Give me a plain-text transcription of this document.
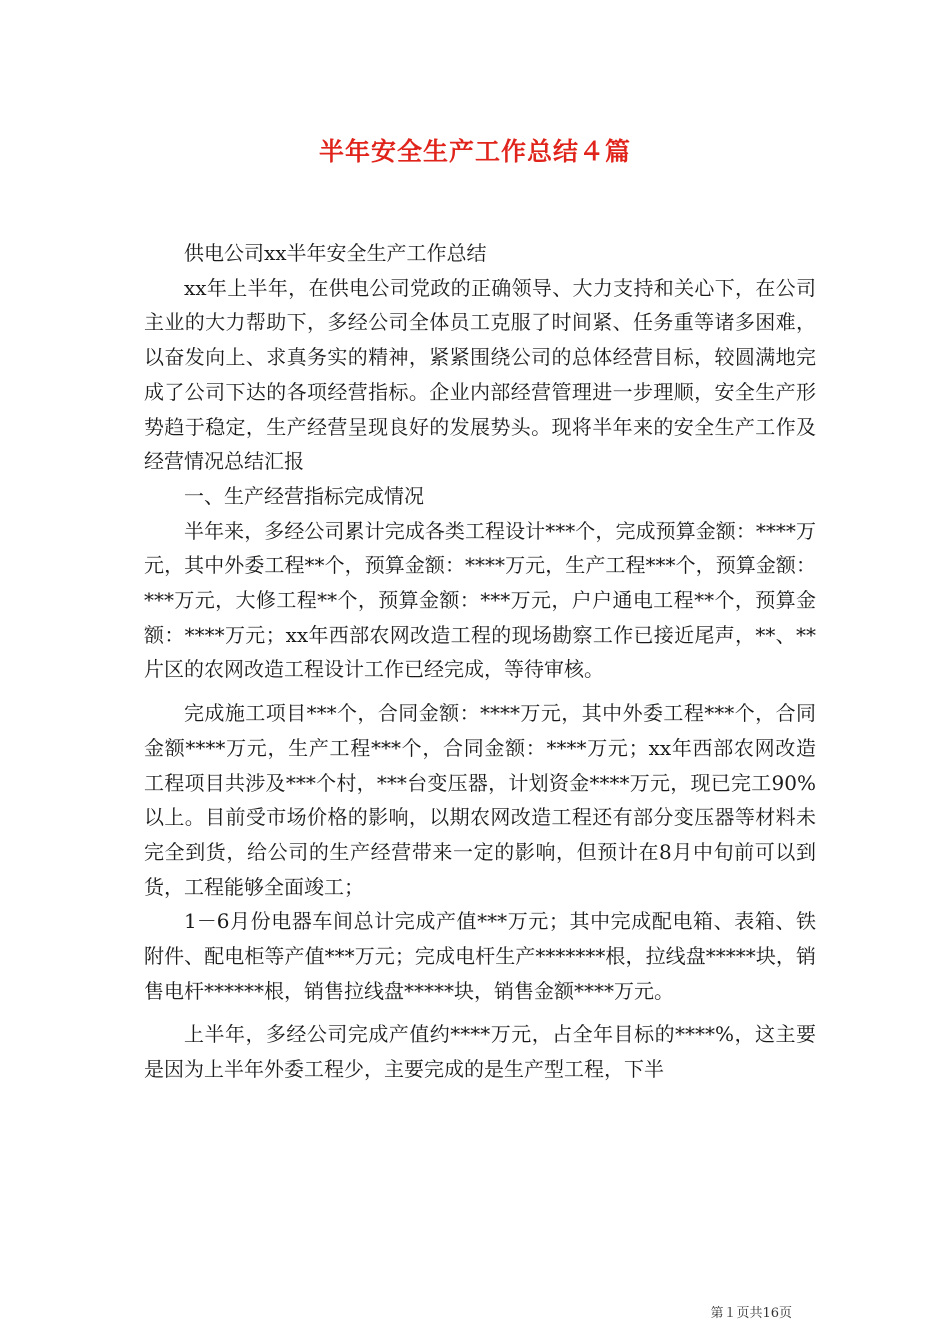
半年安全生产工作总结４篇

供电公司xx半年安全生产工作总结

xx年上半年，在供电公司党政的正确领导、大力支持和关心下，在公司主业的大力帮助下，多经公司全体员工克服了时间紧、任务重等诸多困难，以奋发向上、求真务实的精神，紧紧围绕公司的总体经营目标，较圆满地完成了公司下达的各项经营指标。企业内部经营管理进一步理顺，安全生产形势趋于稳定，生产经营呈现良好的发展势头。现将半年来的安全生产工作及经营情况总结汇报

一、生产经营指标完成情况

半年来，多经公司累计完成各类工程设计***个，完成预算金额：****万元，其中外委工程**个，预算金额：****万元，生产工程***个，预算金额：***万元，大修工程**个，预算金额：***万元，户户通电工程**个，预算金额：****万元；xx年西部农网改造工程的现场勘察工作已接近尾声，**、**片区的农网改造工程设计工作已经完成，等待审核。

完成施工项目***个，合同金额：****万元，其中外委工程***个，合同金额****万元，生产工程***个，合同金额：****万元；xx年西部农网改造工程项目共涉及***个村，***台变压器，计划资金****万元，现已完工90%以上。目前受市场价格的影响，以期农网改造工程还有部分变压器等材料未完全到货，给公司的生产经营带来一定的影响，但预计在8月中旬前可以到货，工程能够全面竣工；

1－6月份电器车间总计完成产值***万元；其中完成配电箱、表箱、铁附件、配电柜等产值***万元；完成电杆生产*******根，拉线盘*****块，销售电杆******根，销售拉线盘*****块，销售金额****万元。

上半年，多经公司完成产值约****万元，占全年目标的****%，这主要是因为上半年外委工程少，主要完成的是生产型工程，下半

第１页共16页
